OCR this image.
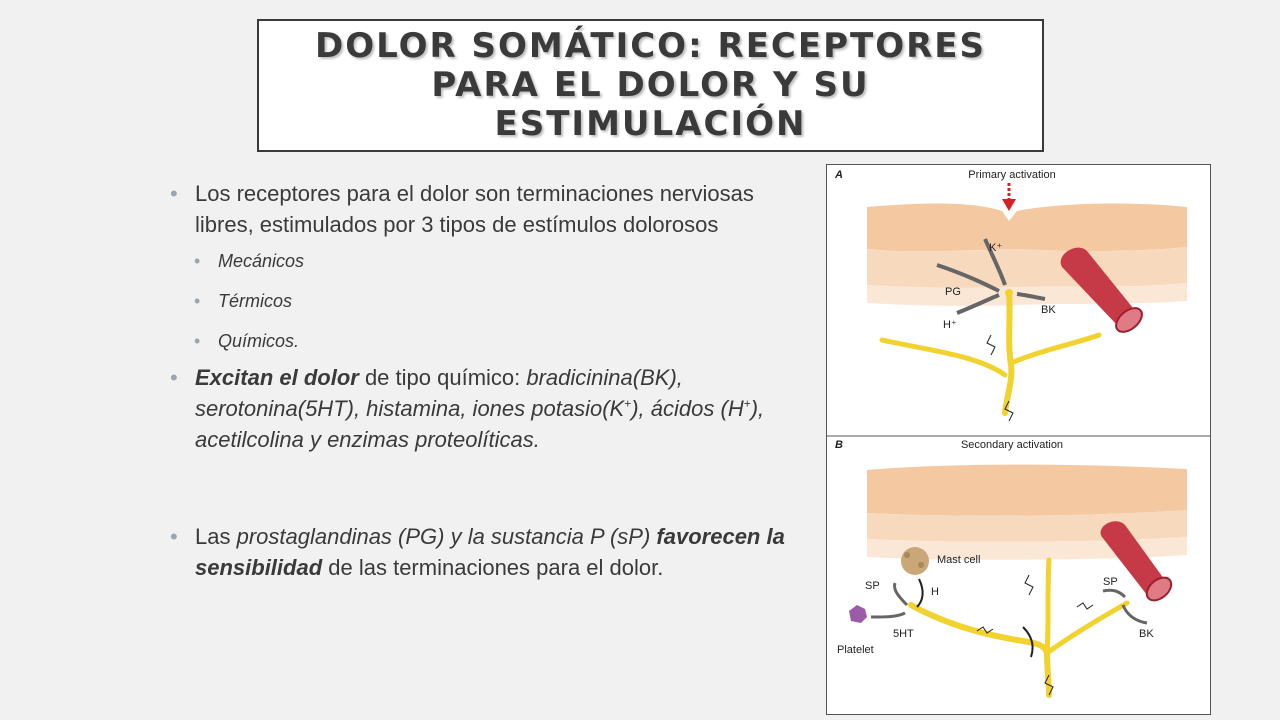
DOLOR SOMÁTICO: RECEPTORES
PARA EL DOLOR Y SU
ESTIMULACIÓN
• Los receptores para el dolor son terminaciones nerviosas libres, estimulados por 3 tipos de estímulos dolorosos
• Mecánicos
• Térmicos
• Químicos.
• Excitan el dolor de tipo químico: bradicinina(BK), serotonina(5HT), histamina, iones potasio(K+), ácidos (H+), acetilcolina y enzimas proteolíticas.
• Las prostaglandinas (PG) y la sustancia P (sP) favorecen la sensibilidad de las terminaciones para el dolor.
A	Primary activation
K⁺
PG
H⁺
BK
B	Secondary activation
Mast cell
Platelet
SP	H
5HT
SP
BK
